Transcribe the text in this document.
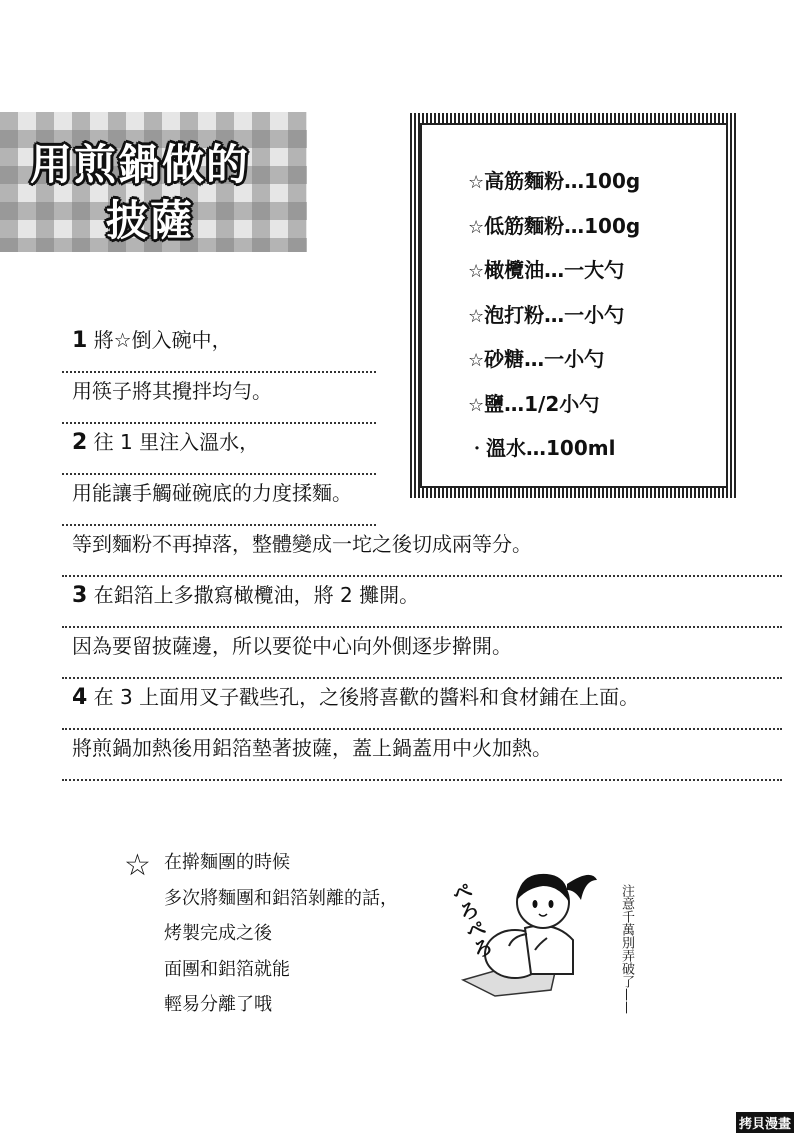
用煎鍋做的
披薩
☆高筋麵粉…100g
☆低筋麵粉…100g
☆橄欖油…一大勺
☆泡打粉…一小勺
☆砂糖…一小勺
☆鹽…1/2小勺
・溫水…100ml
1 將☆倒入碗中，
用筷子將其攪拌均勻。
2 往 1 里注入溫水，
用能讓手觸碰碗底的力度揉麵。
等到麵粉不再掉落，整體變成一坨之後切成兩等分。
3 在鋁箔上多撒寫橄欖油，將 2 攤開。
因為要留披薩邊，所以要從中心向外側逐步擀開。
4 在 3 上面用叉子戳些孔，之後將喜歡的醬料和食材鋪在上面。
將煎鍋加熱後用鋁箔墊著披薩，蓋上鍋蓋用中火加熱。
☆ 在擀麵團的時候
多次將麵團和鋁箔剝離的話，
烤製完成之後
面團和鋁箔就能
輕易分離了哦
ぺろぺろ	注意千萬別弄破了——
拷貝漫畫
